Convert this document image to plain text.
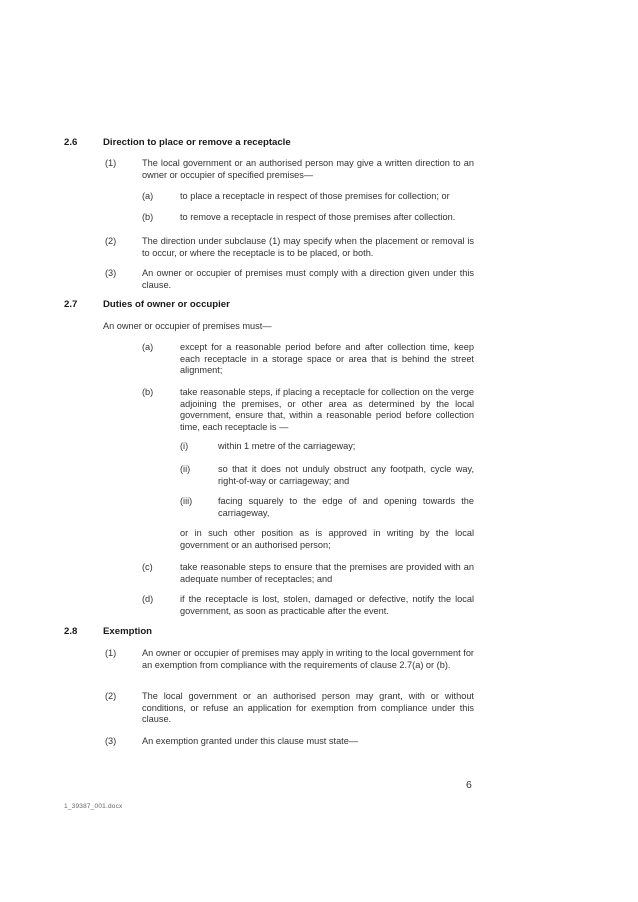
2.6	Direction to place or remove a receptacle
(1)	The local government or an authorised person may give a written direction to an owner or occupier of specified premises—
(a)	to place a receptacle in respect of those premises for collection; or
(b)	to remove a receptacle in respect of those premises after collection.
(2)	The direction under subclause (1) may specify when the placement or removal is to occur, or where the receptacle is to be placed, or both.
(3)	An owner or occupier of premises must comply with a direction given under this clause.
2.7	Duties of owner or occupier
An owner or occupier of premises must—
(a)	except for a reasonable period before and after collection time, keep each receptacle in a storage space or area that is behind the street alignment;
(b)	take reasonable steps, if placing a receptacle for collection on the verge adjoining the premises, or other area as determined by the local government, ensure that, within a reasonable period before collection time, each receptacle is —
(i)	within 1 metre of the carriageway;
(ii)	so that it does not unduly obstruct any footpath, cycle way, right-of-way or carriageway; and
(iii)	facing squarely to the edge of and opening towards the carriageway,
or in such other position as is approved in writing by the local government or an authorised person;
(c)	take reasonable steps to ensure that the premises are provided with an adequate number of receptacles; and
(d)	if the receptacle is lost, stolen, damaged or defective, notify the local government, as soon as practicable after the event.
2.8	Exemption
(1)	An owner or occupier of premises may apply in writing to the local government for an exemption from compliance with the requirements of clause 2.7(a) or (b).
(2)	The local government or an authorised person may grant, with or without conditions, or refuse an application for exemption from compliance under this clause.
(3)	An exemption granted under this clause must state—
6
1_39387_001.docx
